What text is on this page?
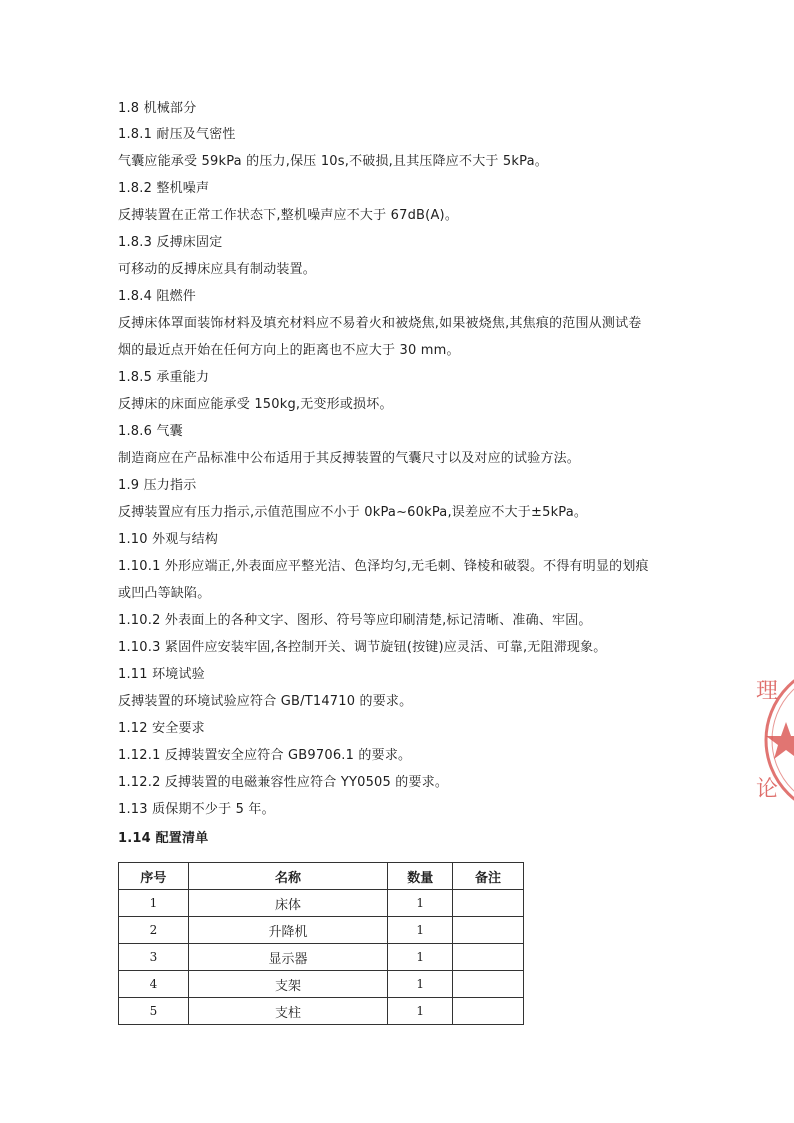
1.8 机械部分
1.8.1 耐压及气密性
气囊应能承受 59kPa 的压力,保压 10s,不破损,且其压降应不大于 5kPa。
1.8.2 整机噪声
反搏装置在正常工作状态下,整机噪声应不大于 67dB(A)。
1.8.3 反搏床固定
可移动的反搏床应具有制动装置。
1.8.4 阻燃件
反搏床体罩面装饰材料及填充材料应不易着火和被烧焦,如果被烧焦,其焦痕的范围从测试卷
烟的最近点开始在任何方向上的距离也不应大于 30 mm。
1.8.5 承重能力
反搏床的床面应能承受 150kg,无变形或损坏。
1.8.6 气囊
制造商应在产品标准中公布适用于其反搏装置的气囊尺寸以及对应的试验方法。
1.9 压力指示
反搏装置应有压力指示,示值范围应不小于 0kPa~60kPa,误差应不大于±5kPa。
1.10 外观与结构
1.10.1 外形应端正,外表面应平整光洁、色泽均匀,无毛刺、锋棱和破裂。不得有明显的划痕
或凹凸等缺陷。
1.10.2 外表面上的各种文字、图形、符号等应印刷清楚,标记清晰、准确、牢固。
1.10.3 紧固件应安装牢固,各控制开关、调节旋钮(按键)应灵活、可靠,无阻滞现象。
1.11 环境试验
反搏装置的环境试验应符合 GB/T14710 的要求。
1.12 安全要求
1.12.1 反搏装置安全应符合 GB9706.1 的要求。
1.12.2 反搏装置的电磁兼容性应符合 YY0505 的要求。
1.13 质保期不少于 5 年。
1.14 配置清单
序号	名称	数量	备注
1	床体	1	
2	升降机	1	
3	显示器	1	
4	支架	1	
5	支柱	1	
理
论
